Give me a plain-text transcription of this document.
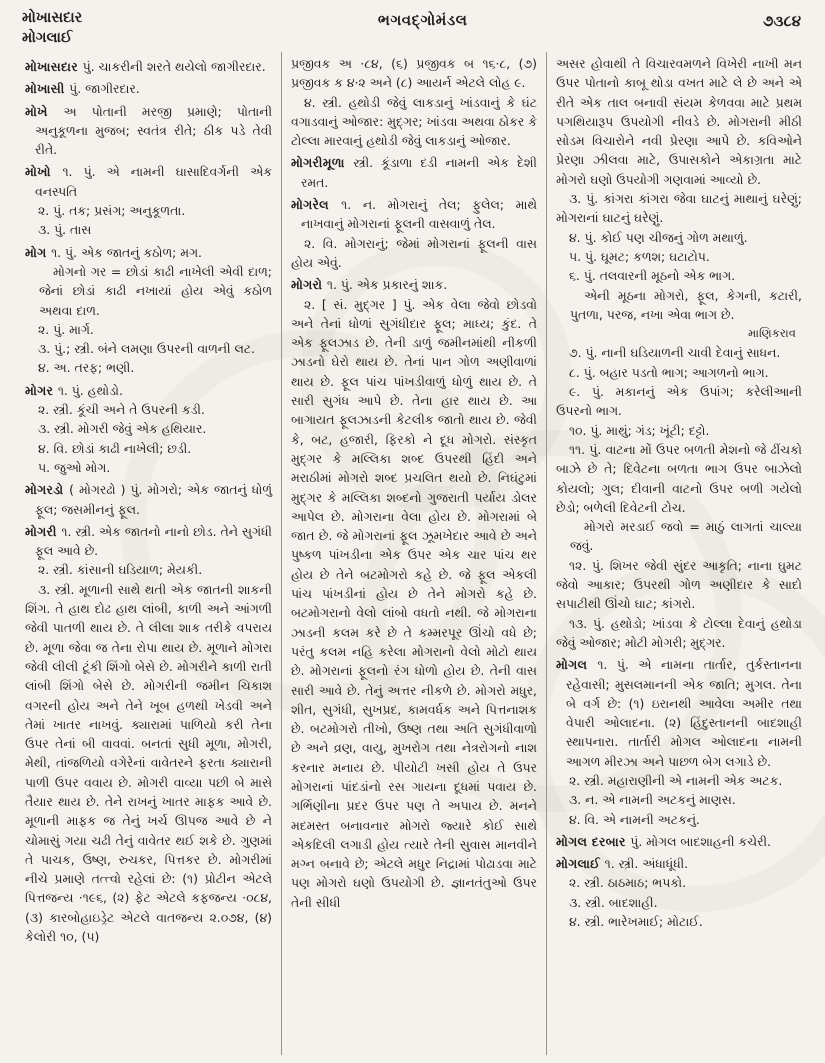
મોખાસદાર
મોગલાઈ
ભગવદ્ગોમંડલ	૭૩૮૪
મોખાસદાર પું. ચાકરીની શરતે થયેલો જાગીરદાર.
મોખાસી પું. જાગીરદાર.
મોખે અ પોતાની મરજી પ્રમાણે; પોતાની અનુકૂળના મુજબ; સ્વતંત્ર રીતે; ઠીક પડે તેવી રીતે.
મોખો ૧. પું. એ નામની ઘાસાદિવર્ગની એક વનસ્પતિ
૨. પું. તક; પ્રસંગ; અનુકૂળતા.
૩. પું. તાસ
મોગ ૧. પું. એક જાતનું કઠોળ; મગ.
મોગનો ગર = છોડાં કાઢી નાખેલી એવી દાળ; જેનાં છોડાં કાઢી નખાયાં હોય એવું કઠોળ અથવા દાળ.
૨. પું. માર્ગ.
૩. પું.; સ્ત્રી. બંને લમણા ઉપરની વાળની લટ.
૪. અ. તરફ; ભણી.
મોગર ૧. પું. હથોડો.
૨. સ્ત્રી. કૂંચી અને તે ઉપરની કડી.
૩. સ્ત્રી. મોગરી જેવું એક હથિયાર.
૪. વિ. છોડાં કાઢી નાખેલી; છડી.
૫. જુઓ મોગ.
મોગરડો ( મોગરઢો ) પું. મોગરો; એક જાતનું ધોળું ફૂલ; જસમીનનું ફૂલ.
મોગરી ૧. સ્ત્રી. એક જાતનો નાનો છોડ. તેને સુગંધી ફૂલ આવે છે.
૨. સ્ત્રી. કાંસાની ઘડિયાળ; મેયકી.
૩. સ્ત્રી. મૂળાની સાથે થતી એક જાતની શાકની શિંગ. તે હાથ દોઢ હાથ લાંબી, કાળી અને આંગળી જેવી પાતળી થાય છે. તે લીલા શાક તરીકે વપરાય છે. મૂળા જેવા જ તેના રોપા થાય છે. મૂળાને મોગરા જેવી લીલી ટૂંકી શિંગો બેસે છે. મોગરીને કાળી રાતી લાંબી શિંગો બેસે છે. મોગરીની જમીન ચિકાશ વગરની હોય અને તેને ખૂબ હળથી ખેડવી અને તેમાં ખાતર નાખવું. ક્યારામાં પાળિયો કરી તેના ઉપર તેનાં બી વાવવાં. બનતાં સુધી મૂળા, મોગરી, મેથી, તાંજળિયો વગેરેનાં વાવેતરને ફરતા ક્યારાની પાળી ઉપર વવાય છે. મોગરી વાવ્યા પછી બે માસે તૈયાર થાય છે. તેને રાખનું ખાતર માફક આવે છે. મૂળાની માફક જ તેનું ખર્ચ ઊપજ આવે છે ને ચોમાસું ગયા ચઢી તેનું વાવેતર થઈ શકે છે. ગુણમાં તે પાચક, ઉષ્ણ, રુચકર, પિત્તકર છે. મોગરીમાં નીચે પ્રમાણે તત્ત્વો રહેલાં છે: (૧) પ્રોટીન એટલે પિત્તજન્ય ·૧૯૬, (૨) ફેટ એટલે કફજન્ય ·૦૮૪, (૩) કારબોહાઇડ્રેટ એટલે વાતજન્ય ૨.૦૭૪, (૪) કેલોરી ૧૦, (૫)
પ્રજીવક અ ·૮૪, (૬) પ્રજીવક બ ૧૬·૮, (૭) પ્રજીવક ક ૪·૨ અને (૮) આયર્ન એટલે લોહ ૯.
૪. સ્ત્રી. હથોડી જેવું લાકડાનું ખાંડવાનું કે ઘંટ વગાડવાનું ઓજાર: મુદ્ગર; ખાંડવા અથવા ઠોકર કે ટોલ્લા મારવાનું હથોડી જેવું લાકડાનું ઓજાર.
મોગરીમૂળા સ્ત્રી. કૂંડાળા દડી નામની એક દેશી રમત.
મોગરેલ ૧. ન. મોગરાનું તેલ; ફુલેલ; માથે નાખવાનું મોગરાનાં ફૂલની વાસવાળું તેલ.
૨. વિ. મોગરાનું; જેમાં મોગરાનાં ફૂલની વાસ હોય એવું.
મોગરો ૧. પું. એક પ્રકારનું શાક.
૨. [ સં. મુદ્ગર ] પું. એક વેલા જેવો છોડવો અને તેનાં ધોળાં સુગંધીદાર ફૂલ; માધ્ય; કુંદ. તે એક ફૂલઝાડ છે. તેની ડાળું જમીનમાંથી નીકળી ઝાડનો ઘેરો થાય છે. તેનાં પાન ગોળ અણીવાળાં થાય છે. ફૂલ પાંચ પાંખડીવાળું ધોળું થાય છે. તે સારી સુગંધ આપે છે. તેના હાર થાય છે. આ બાગાયત ફૂલઝાડની કેટલીક જાતો થાય છે. જેવી કે, બટ, હજારી, ફિરકો ને દૂધ મોગરો. સંસ્કૃત મુદ્ગર કે મલ્લિકા શબ્દ ઉપરથી હિંદી અને મરાઠીમાં મોગરો શબ્દ પ્રચલિત થયો છે. નિઘંટુમાં મુદ્ગર કે મલ્લિકા શબ્દનો ગુજરાતી પર્યાય ડોલર આપેલ છે. મોગરાના વેલા હોય છે. મોગરામાં બે જાત છે. જે મોગરાનાં ફૂલ ઝૂમખેદાર આવે છે અને પુષ્કળ પાંખડીના એક ઉપર એક ચાર પાંચ થર હોય છે તેને બટમોગરો કહે છે. જે ફૂલ એકલી પાંચ પાંખડીનાં હોય છે તેને મોગરો કહે છે. બટમોગરાનો વેલો લાંબો વધતો નથી. જે મોગરાના ઝાડની કલમ કરે છે તે કમ્મરપૂર ઊંચો વધે છે; પરંતુ કલમ નહિ કરેલા મોગરાનો વેલો મોટો થાય છે. મોગરાનાં ફૂલનો રંગ ધોળો હોય છે. તેની વાસ સારી આવે છે. તેનું અત્તર નીકળે છે. મોગરો મધુર, શીત, સુગંધી, સુખપ્રદ, કામવર્ધક અને પિત્તનાશક છે. બટમોગરો તીખો, ઉષ્ણ તથા અતિ સુગંધીવાળો છે અને વ્રણ, વાયુ, મુખરોગ તથા નેત્રરોગનો નાશ કરનાર મનાય છે. પીયોટી ખસી હોય તે ઉપર મોગરાનાં પાંદડાંનો રસ ગાયના દૂધમાં પવાય છે. ગર્ભિણીના પ્રદર ઉપર પણ તે અપાય છે. મનને મદમસ્ત બનાવનાર મોગરો જ્યારે કોઈ સાથે એકદિલી લગાડી હોય ત્યારે તેની સુવાસ માનવીને મગ્ન બનાવે છે; એટલે મધુર નિદ્રામાં પોઢાડવા માટે પણ મોગરો ઘણો ઉપયોગી છે. જ્ઞાનતંતુઓ ઉપર તેની સીધી
અસર હોવાથી તે વિચારવમળને વિખેરી નાખી મન ઉપર પોતાનો કાબૂ થોડા વખત માટે લે છે અને એ રીતે એક તાલ બનાવી સંયમ કેળવવા માટે પ્રથમ પગથિયારૂપ ઉપયોગી નીવડે છે. મોગરાની મીઠી સોડમ વિચારોને નવી પ્રેરણા આપે છે. કવિઓને પ્રેરણા ઝીલવા માટે, ઉપાસકોને એકાગ્રતા માટે મોગરો ઘણો ઉપયોગી ગણવામાં આવ્યો છે.
૩. પું. કાંગરા કાંગરા જેવા ઘાટનું માથાનું ઘરેણું; મોગરાનાં ઘાટનું ઘરેણું.
૪. પું. કોઈ પણ ચીજનું ગોળ મથાળું.
૫. પું. ઘૂમટ; કળશ; ઘટાટોપ.
૬. પું. તલવારની મૂઠનો એક ભાગ.
એની મૂઠના મોગરો, ફૂલ, કેગની, કટારી, પુતળા, પરજ, નખા એવા ભાગ છે.
માણિકરાવ
૭. પું. નાની ઘડિયાળની ચાવી દેવાનું સાધન.
૮. પું. બહાર પડતો ભાગ; આગળનો ભાગ.
૯. પું. મકાનનું એક ઉપાંગ; કરેલીઆની ઉપરનો ભાગ.
૧૦. પું. માથું; ગંડ; ખૂંટી; દટ્ટો.
૧૧. પું. વાટના મોં ઉપર બળતી મેશનો જે ઢીંચકો બાઝે છે તે; દિવેટના બળતા ભાગ ઉપર બાઝેલો કોયલો; ગુલ; દીવાની વાટનો ઉપર બળી ગયેલો છેડો; બળેલી દિવેટની ટોચ.
મોગરો મરડાઈ જવો = માઠું લાગતાં ચાલ્યા જવું.
૧૨. પું. શિખર જેવી સુંદર આકૃતિ; નાના ઘુમટ જેવો આકાર; ઉપરથી ગોળ અણીદાર કે સાદો સપાટીથી ઊંચો ઘાટ; કાંગરો.
૧૩. પું. હથોડો; ખાંડવા કે ટોલ્લા દેવાનું હથોડા જેવું ઓજાર; મોટી મોગરી; મુદ્ગર.
મોગલ ૧. પું. એ નામના તાર્તાર, તુર્કસ્તાનના રહેવાસી; મુસલમાનની એક જાતિ; મુગલ. તેના બે વર્ગ છે: (૧) ઇરાનથી આવેલા અમીર તથા વેપારી ઓલાદના. (૨) હિંદુસ્તાનની બાદશાહી સ્થાપનારા. તાર્તારી મોગલ ઓલાદના નામની આગળ મીરઝા અને પાછળ બેગ લગાડે છે.
૨. સ્ત્રી. મહારાણીની એ નામની એક અટક.
૩. ન. એ નામની અટકનું માણસ.
૪. વિ. એ નામની અટકનું.
મોગલ દરબાર પું. મોગલ બાદશાહની કચેરી.
મોગલાઈ ૧. સ્ત્રી. અંધાધૂંધી.
૨. સ્ત્રી. ઠાઠમાઠ; ભપકો.
૩. સ્ત્રી. બાદશાહી.
૪. સ્ત્રી. ભારેખમાઈ; મોટાઈ.
